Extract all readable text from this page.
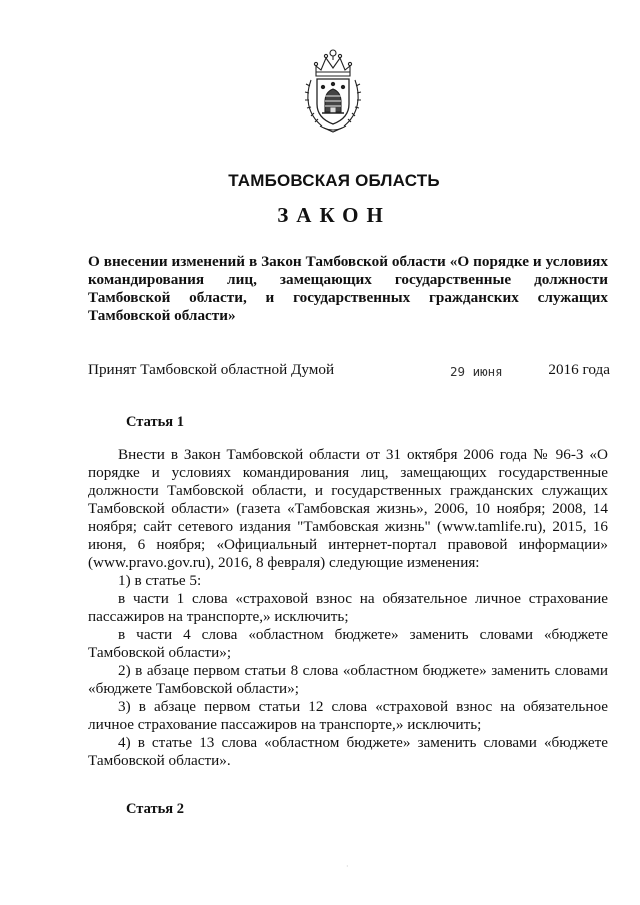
ТАМБОВСКАЯ ОБЛАСТЬ
ЗАКОН
О внесении изменений в Закон Тамбовской области «О порядке и условиях командирования лиц, замещающих государственные должности Тамбовской области, и государственных гражданских служащих Тамбовской области»
Принят Тамбовской областной Думой	29 июня	2016 года
Статья 1

Внести в Закон Тамбовской области от 31 октября 2006 года № 96-З «О порядке и условиях командирования лиц, замещающих государственные должности Тамбовской области, и государственных гражданских служащих Тамбовской области» (газета «Тамбовская жизнь», 2006, 10 ноября; 2008, 14 ноября; сайт сетевого издания "Тамбовская жизнь" (www.tamlife.ru), 2015, 16 июня, 6 ноября; «Официальный интернет-портал правовой информации» (www.pravo.gov.ru), 2016, 8 февраля) следующие изменения:

1) в статье 5:

в части 1 слова «страховой взнос на обязательное личное страхование пассажиров на транспорте,» исключить;

в части 4 слова «областном бюджете» заменить словами «бюджете Тамбовской области»;

2) в абзаце первом статьи 8 слова «областном бюджете» заменить словами «бюджете Тамбовской области»;

3) в абзаце первом статьи 12 слова «страховой взнос на обязательное личное страхование пассажиров на транспорте,» исключить;

4) в статье 13 слова «областном бюджете» заменить словами «бюджете Тамбовской области».

Статья 2
·
